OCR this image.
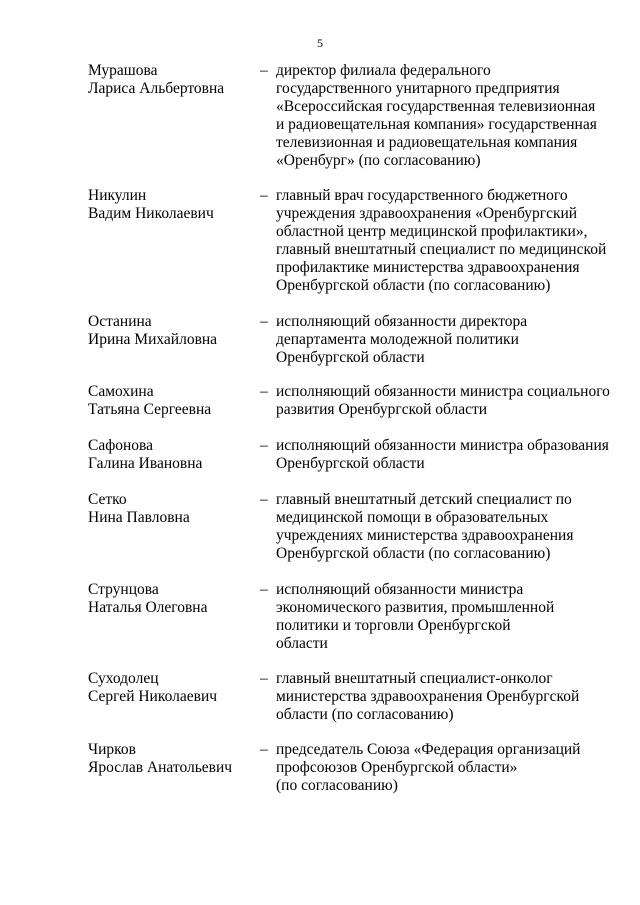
5
Мурашова
Лариса Альбертовна
– директор филиала федерального
государственного унитарного предприятия
«Всероссийская государственная телевизионная
и радиовещательная компания» государственная
телевизионная и радиовещательная компания
«Оренбург» (по согласованию)
Никулин
Вадим Николаевич
– главный врач государственного бюджетного
учреждения здравоохранения «Оренбургский
областной центр медицинской профилактики»,
главный внештатный специалист по медицинской
профилактике министерства здравоохранения
Оренбургской области (по согласованию)
Останина
Ирина Михайловна
– исполняющий обязанности директора
департамента молодежной политики
Оренбургской области
Самохина
Татьяна Сергеевна
– исполняющий обязанности министра социального
развития Оренбургской области
Сафонова
Галина Ивановна
– исполняющий обязанности министра образования
Оренбургской области
Сетко
Нина Павловна
– главный внештатный детский специалист по
медицинской помощи в образовательных
учреждениях министерства здравоохранения
Оренбургской области (по согласованию)
Струнцова
Наталья Олеговна
– исполняющий обязанности министра
экономического развития, промышленной
политики и торговли Оренбургской
области
Суходолец
Сергей Николаевич
– главный внештатный специалист-онколог
министерства здравоохранения Оренбургской
области (по согласованию)
Чирков
Ярослав Анатольевич
– председатель Союза «Федерация организаций
профсоюзов Оренбургской области»
(по согласованию)
